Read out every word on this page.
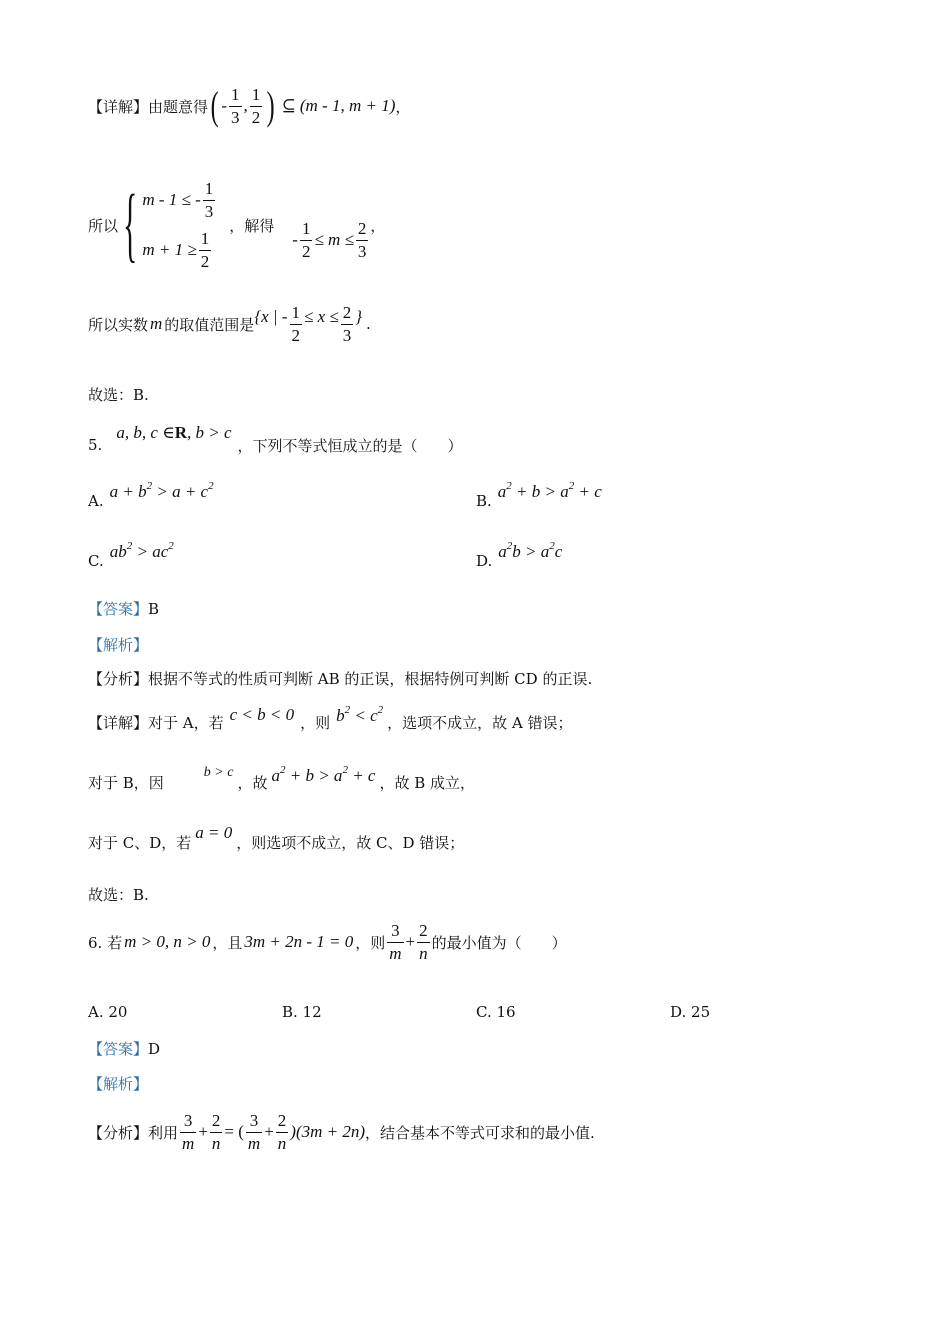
【详解】 由题意得 ( - $\frac{1}{3}$ , $\frac{1}{2}$ ) ⊆ (m - 1, m + 1) ，
所以 { m - 1 ≤ - $\frac{1}{3}$
$m + 1 \ge \frac{1}{2}$
，解得
- $\frac{1}{2} \le m \le \frac{2}{3}$ ，
所以实数 m 的取值范围是 {x | - $\frac{1}{2} \le x \le \frac{2}{3}$ } .
故选：B.
5.
a, b, c ∈ R , b > c
，下列不等式恒成立的是（　　）
A. $a + b^2 > a + c^2$
B. $a^2 + b > a^2 + c$
C. $ab^2 > ac^2$
D. $a^2b > a^2c$
【答案】 B
【解析】
【分析】 根据不等式的性质可判断 AB 的正误，根据特例可判断 CD 的正误.
【详解】 对于 A，若 c < b < 0 ，则 $b^2 < c^2$
，选项不成立，故 A 错误；
对于 B，因
b > c
，故 $a^2 + b > a^2 + c$ ，故 B 成立，
对于 C、D，若
a = 0
，则选项不成立，故 C、D 错误；
故选：B.
6. 若 m > 0, n > 0 ，且 3m + 2n - 1 = 0 ，则 $\frac{3}{m} + \frac{2}{n}$ 的最小值为（　　）
A. 20	B. 12	C. 16	D. 25
【答案】 D
【解析】
【分析】 利用 $\frac{3}{m} + \frac{2}{n}$ = ( $\frac{3}{m} + \frac{2}{n} )(3m + 2n)$ ，结合基本不等式可求和的最小值.
